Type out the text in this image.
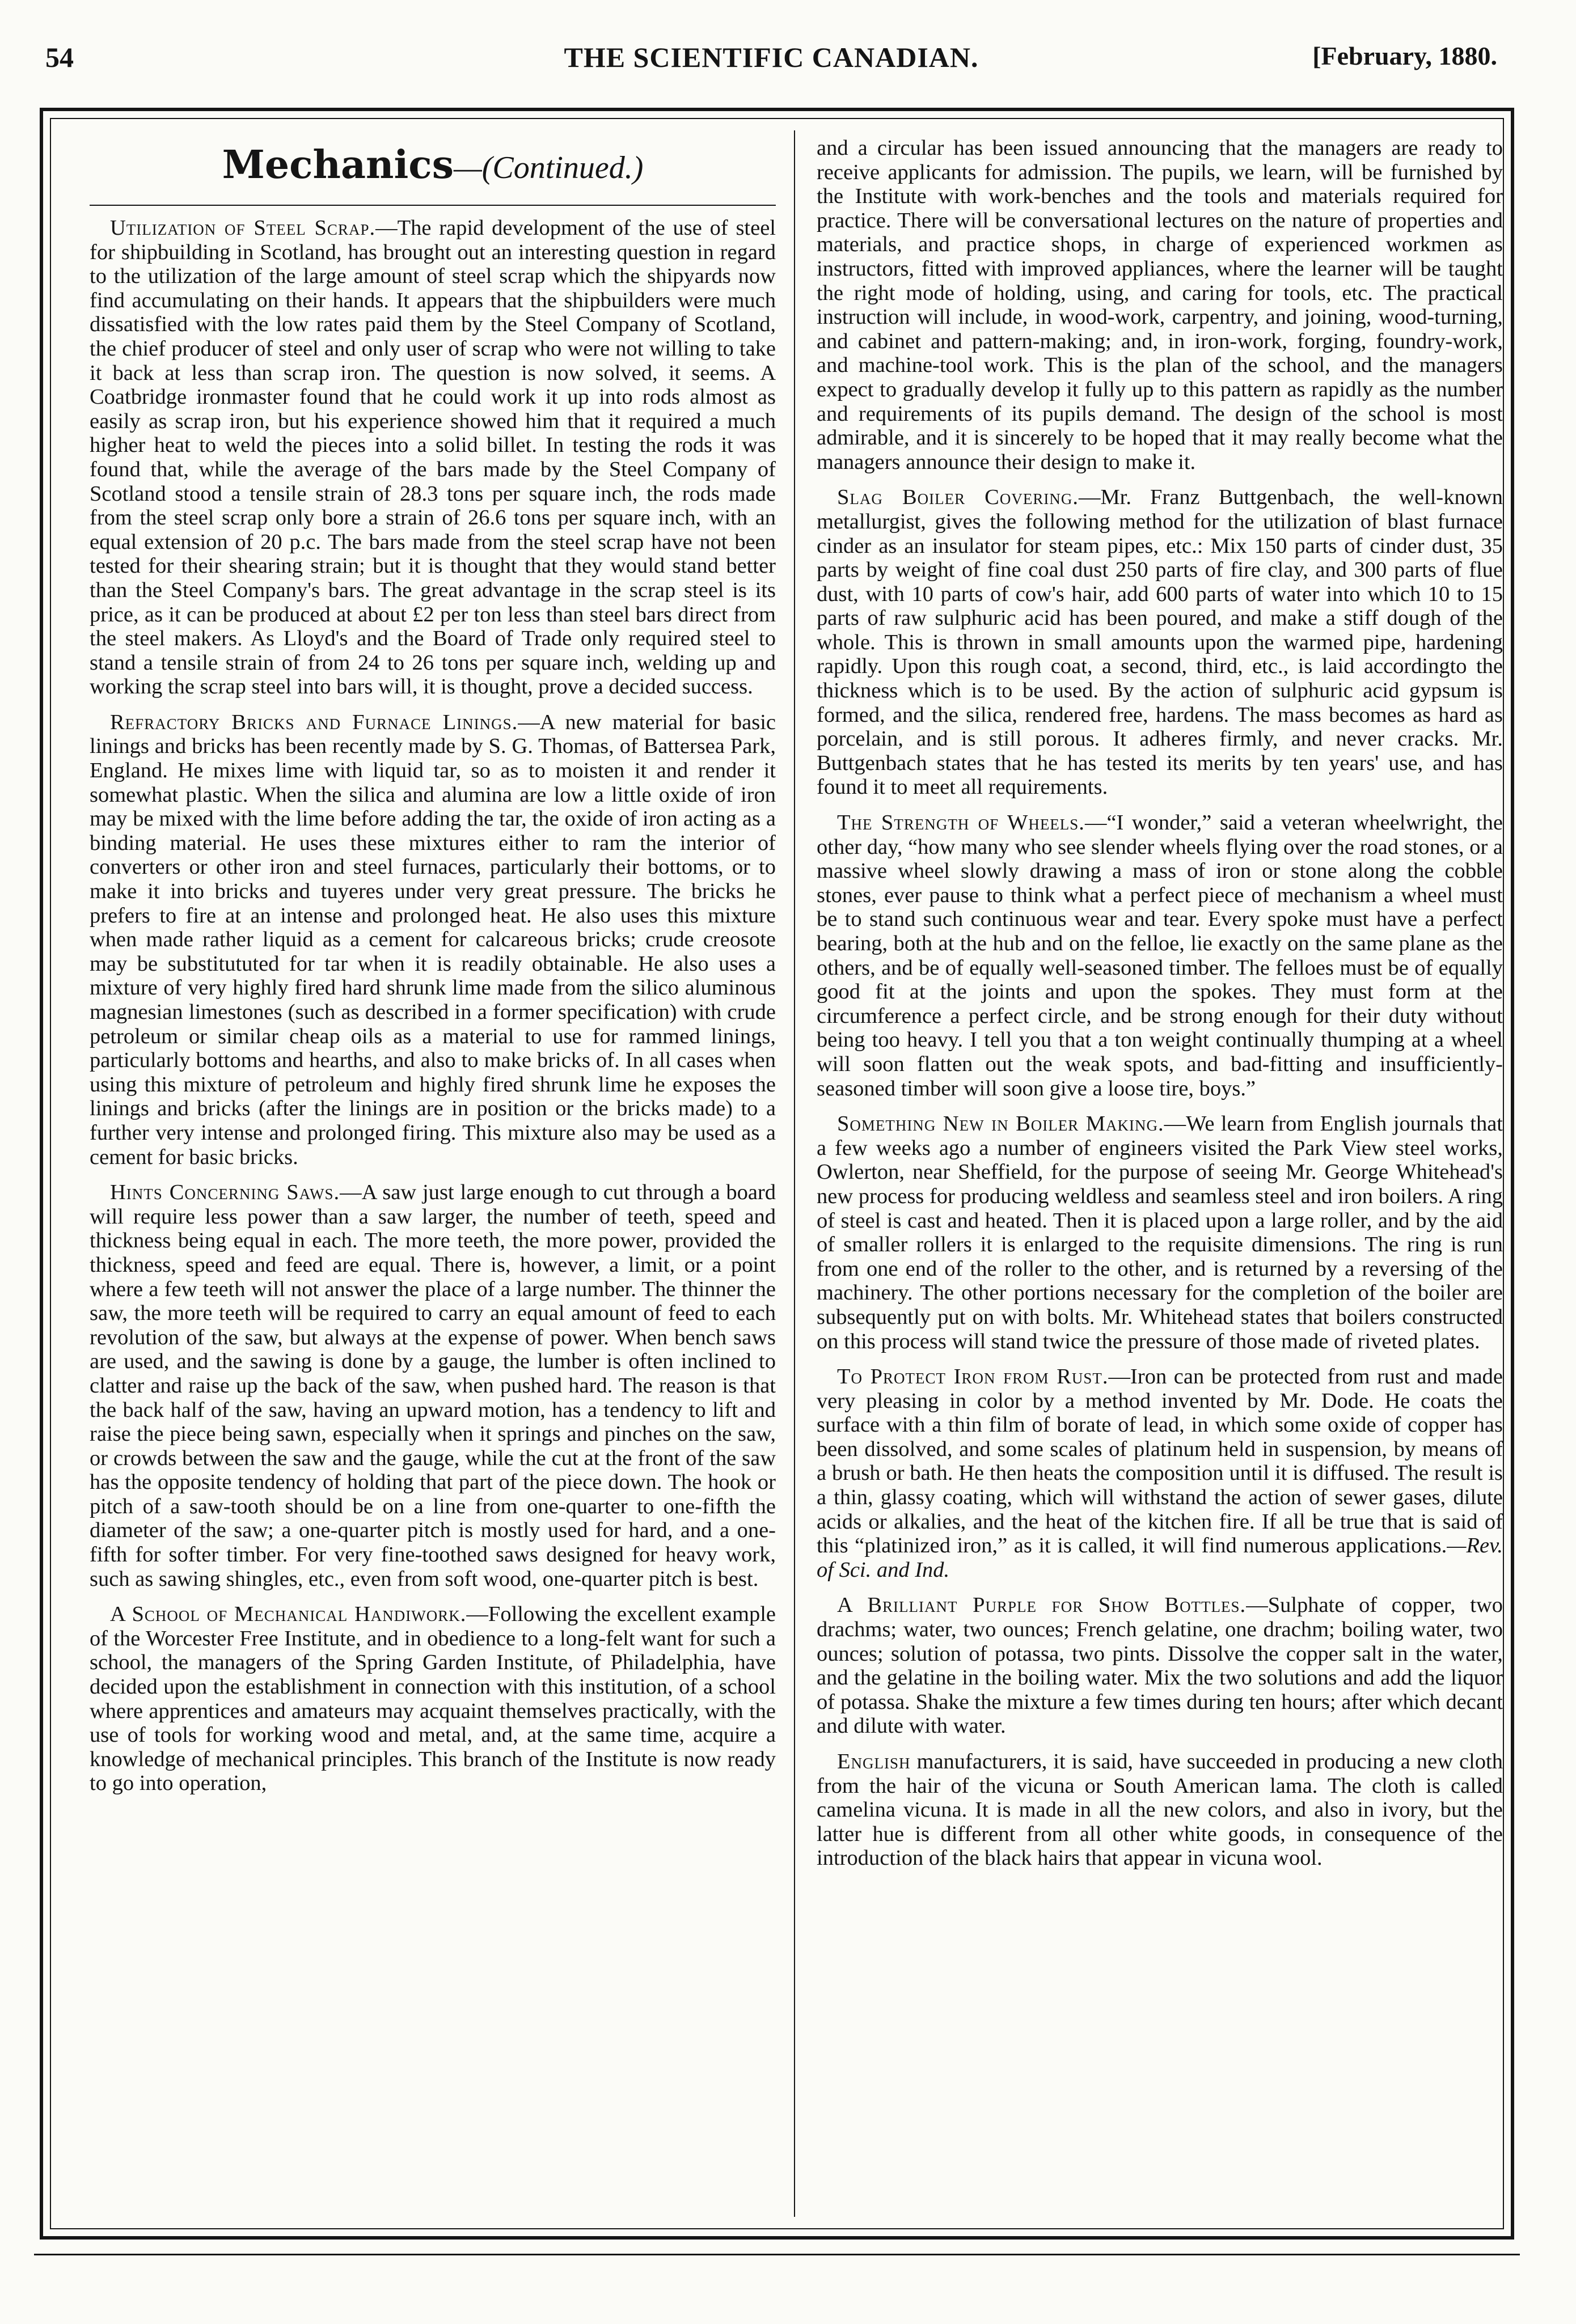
54	THE SCIENTIFIC CANADIAN.	[February, 1880.
Mechanics—(Continued.)

Utilization of Steel Scrap.—The rapid development of the use of steel for shipbuilding in Scotland, has brought out an interesting question in regard to the utilization of the large amount of steel scrap which the shipyards now find accumulating on their hands. It appears that the shipbuilders were much dissatisfied with the low rates paid them by the Steel Company of Scotland, the chief producer of steel and only user of scrap who were not willing to take it back at less than scrap iron. The question is now solved, it seems. A Coatbridge ironmaster found that he could work it up into rods almost as easily as scrap iron, but his experience showed him that it required a much higher heat to weld the pieces into a solid billet. In testing the rods it was found that, while the average of the bars made by the Steel Company of Scotland stood a tensile strain of 28.3 tons per square inch, the rods made from the steel scrap only bore a strain of 26.6 tons per square inch, with an equal extension of 20 p.c. The bars made from the steel scrap have not been tested for their shearing strain; but it is thought that they would stand better than the Steel Company's bars. The great advantage in the scrap steel is its price, as it can be produced at about £2 per ton less than steel bars direct from the steel makers. As Lloyd's and the Board of Trade only required steel to stand a tensile strain of from 24 to 26 tons per square inch, welding up and working the scrap steel into bars will, it is thought, prove a decided success.

Refractory Bricks and Furnace Linings.—A new material for basic linings and bricks has been recently made by S. G. Thomas, of Battersea Park, England. He mixes lime with liquid tar, so as to moisten it and render it somewhat plastic. When the silica and alumina are low a little oxide of iron may be mixed with the lime before adding the tar, the oxide of iron acting as a binding material. He uses these mixtures either to ram the interior of converters or other iron and steel furnaces, particularly their bottoms, or to make it into bricks and tuyeres under very great pressure. The bricks he prefers to fire at an intense and prolonged heat. He also uses this mixture when made rather liquid as a cement for calcareous bricks; crude creosote may be substitututed for tar when it is readily obtainable. He also uses a mixture of very highly fired hard shrunk lime made from the silico aluminous magnesian limestones (such as described in a former specification) with crude petroleum or similar cheap oils as a material to use for rammed linings, particularly bottoms and hearths, and also to make bricks of. In all cases when using this mixture of petroleum and highly fired shrunk lime he exposes the linings and bricks (after the linings are in position or the bricks made) to a further very intense and prolonged firing. This mixture also may be used as a cement for basic bricks.

Hints Concerning Saws.—A saw just large enough to cut through a board will require less power than a saw larger, the number of teeth, speed and thickness being equal in each. The more teeth, the more power, provided the thickness, speed and feed are equal. There is, however, a limit, or a point where a few teeth will not answer the place of a large number. The thinner the saw, the more teeth will be required to carry an equal amount of feed to each revolution of the saw, but always at the expense of power. When bench saws are used, and the sawing is done by a gauge, the lumber is often inclined to clatter and raise up the back of the saw, when pushed hard. The reason is that the back half of the saw, having an upward motion, has a tendency to lift and raise the piece being sawn, especially when it springs and pinches on the saw, or crowds between the saw and the gauge, while the cut at the front of the saw has the opposite tendency of holding that part of the piece down. The hook or pitch of a saw-tooth should be on a line from one-quarter to one-fifth the diameter of the saw; a one-quarter pitch is mostly used for hard, and a one-fifth for softer timber. For very fine-toothed saws designed for heavy work, such as sawing shingles, etc., even from soft wood, one-quarter pitch is best.

A School of Mechanical Handiwork.—Following the excellent example of the Worcester Free Institute, and in obedience to a long-felt want for such a school, the managers of the Spring Garden Institute, of Philadelphia, have decided upon the establishment in connection with this institution, of a school where apprentices and amateurs may acquaint themselves practically, with the use of tools for working wood and metal, and, at the same time, acquire a knowledge of mechanical principles. This branch of the Institute is now ready to go into operation,

and a circular has been issued announcing that the managers are ready to receive applicants for admission. The pupils, we learn, will be furnished by the Institute with work-benches and the tools and materials required for practice. There will be conversational lectures on the nature of properties and materials, and practice shops, in charge of experienced workmen as instructors, fitted with improved appliances, where the learner will be taught the right mode of holding, using, and caring for tools, etc. The practical instruction will include, in wood-work, carpentry, and joining, wood-turning, and cabinet and pattern-making; and, in iron-work, forging, foundry-work, and machine-tool work. This is the plan of the school, and the managers expect to gradually develop it fully up to this pattern as rapidly as the number and requirements of its pupils demand. The design of the school is most admirable, and it is sincerely to be hoped that it may really become what the managers announce their design to make it.

Slag Boiler Covering.—Mr. Franz Buttgenbach, the well-known metallurgist, gives the following method for the utilization of blast furnace cinder as an insulator for steam pipes, etc.: Mix 150 parts of cinder dust, 35 parts by weight of fine coal dust 250 parts of fire clay, and 300 parts of flue dust, with 10 parts of cow's hair, add 600 parts of water into which 10 to 15 parts of raw sulphuric acid has been poured, and make a stiff dough of the whole. This is thrown in small amounts upon the warmed pipe, hardening rapidly. Upon this rough coat, a second, third, etc., is laid accordingto the thickness which is to be used. By the action of sulphuric acid gypsum is formed, and the silica, rendered free, hardens. The mass becomes as hard as porcelain, and is still porous. It adheres firmly, and never cracks. Mr. Buttgenbach states that he has tested its merits by ten years' use, and has found it to meet all requirements.

The Strength of Wheels.—“I wonder,” said a veteran wheelwright, the other day, “how many who see slender wheels flying over the road stones, or a massive wheel slowly drawing a mass of iron or stone along the cobble stones, ever pause to think what a perfect piece of mechanism a wheel must be to stand such continuous wear and tear. Every spoke must have a perfect bearing, both at the hub and on the felloe, lie exactly on the same plane as the others, and be of equally well-seasoned timber. The felloes must be of equally good fit at the joints and upon the spokes. They must form at the circumference a perfect circle, and be strong enough for their duty without being too heavy. I tell you that a ton weight continually thumping at a wheel will soon flatten out the weak spots, and bad-fitting and insufficiently-seasoned timber will soon give a loose tire, boys.”

Something New in Boiler Making.—We learn from English journals that a few weeks ago a number of engineers visited the Park View steel works, Owlerton, near Sheffield, for the purpose of seeing Mr. George Whitehead's new process for producing weldless and seamless steel and iron boilers. A ring of steel is cast and heated. Then it is placed upon a large roller, and by the aid of smaller rollers it is enlarged to the requisite dimensions. The ring is run from one end of the roller to the other, and is returned by a reversing of the machinery. The other portions necessary for the completion of the boiler are subsequently put on with bolts. Mr. Whitehead states that boilers constructed on this process will stand twice the pressure of those made of riveted plates.

To Protect Iron from Rust.—Iron can be protected from rust and made very pleasing in color by a method invented by Mr. Dode. He coats the surface with a thin film of borate of lead, in which some oxide of copper has been dissolved, and some scales of platinum held in suspension, by means of a brush or bath. He then heats the composition until it is diffused. The result is a thin, glassy coating, which will withstand the action of sewer gases, dilute acids or alkalies, and the heat of the kitchen fire. If all be true that is said of this “platinized iron,” as it is called, it will find numerous applications.—Rev. of Sci. and Ind.

A Brilliant Purple for Show Bottles.—Sulphate of copper, two drachms; water, two ounces; French gelatine, one drachm; boiling water, two ounces; solution of potassa, two pints. Dissolve the copper salt in the water, and the gelatine in the boiling water. Mix the two solutions and add the liquor of potassa. Shake the mixture a few times during ten hours; after which decant and dilute with water.

English manufacturers, it is said, have succeeded in producing a new cloth from the hair of the vicuna or South American lama. The cloth is called camelina vicuna. It is made in all the new colors, and also in ivory, but the latter hue is different from all other white goods, in consequence of the introduction of the black hairs that appear in vicuna wool.
